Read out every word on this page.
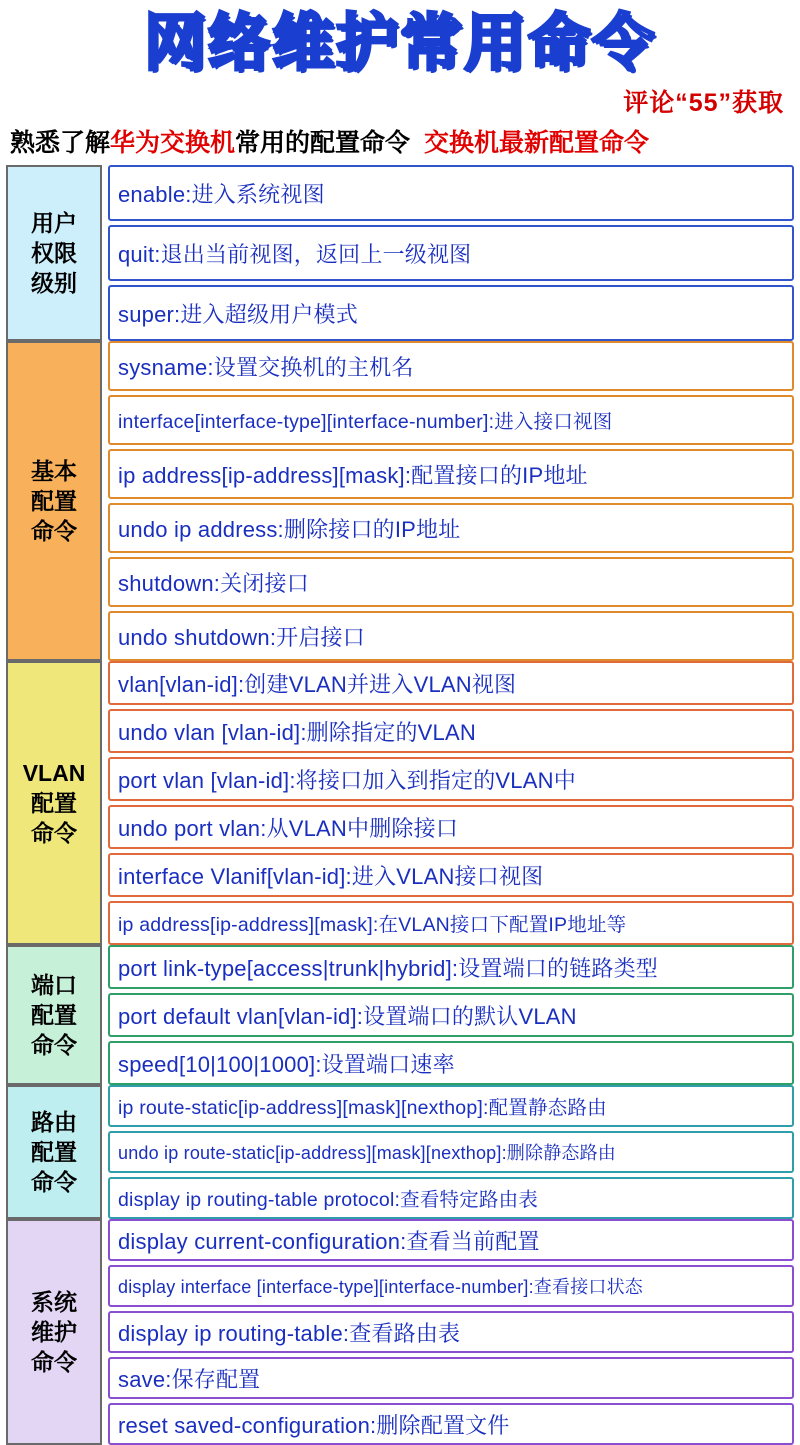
网络维护常用命令
评论“55”获取
熟悉了解 华为交换机 常用的配置命令 交换机最新配置命令
用户
权限
级别
enable:进入系统视图
quit:退出当前视图，返回上一级视图
super:进入超级用户模式
基本
配置
命令
sysname:设置交换机的主机名
interface[interface-type][interface-number]:进入接口视图
ip address[ip-address][mask]:配置接口的IP地址
undo ip address:删除接口的IP地址
shutdown:关闭接口
undo shutdown:开启接口
VLAN
配置
命令
vlan[vlan-id]:创建VLAN并进入VLAN视图
undo vlan [vlan-id]:删除指定的VLAN
port vlan [vlan-id]:将接口加入到指定的VLAN中
undo port vlan:从VLAN中删除接口
interface Vlanif[vlan-id]:进入VLAN接口视图
ip address[ip-address][mask]:在VLAN接口下配置IP地址等
端口
配置
命令
port link-type[access|trunk|hybrid]:设置端口的链路类型
port default vlan[vlan-id]:设置端口的默认VLAN
speed[10|100|1000]:设置端口速率
路由
配置
命令
ip route-static[ip-address][mask][nexthop]:配置静态路由
undo ip route-static[ip-address][mask][nexthop]:删除静态路由
display ip routing-table protocol:查看特定路由表
系统
维护
命令
display current-configuration:查看当前配置
display interface [interface-type][interface-number]:查看接口状态
display ip routing-table:查看路由表
save:保存配置
reset saved-configuration:删除配置文件
